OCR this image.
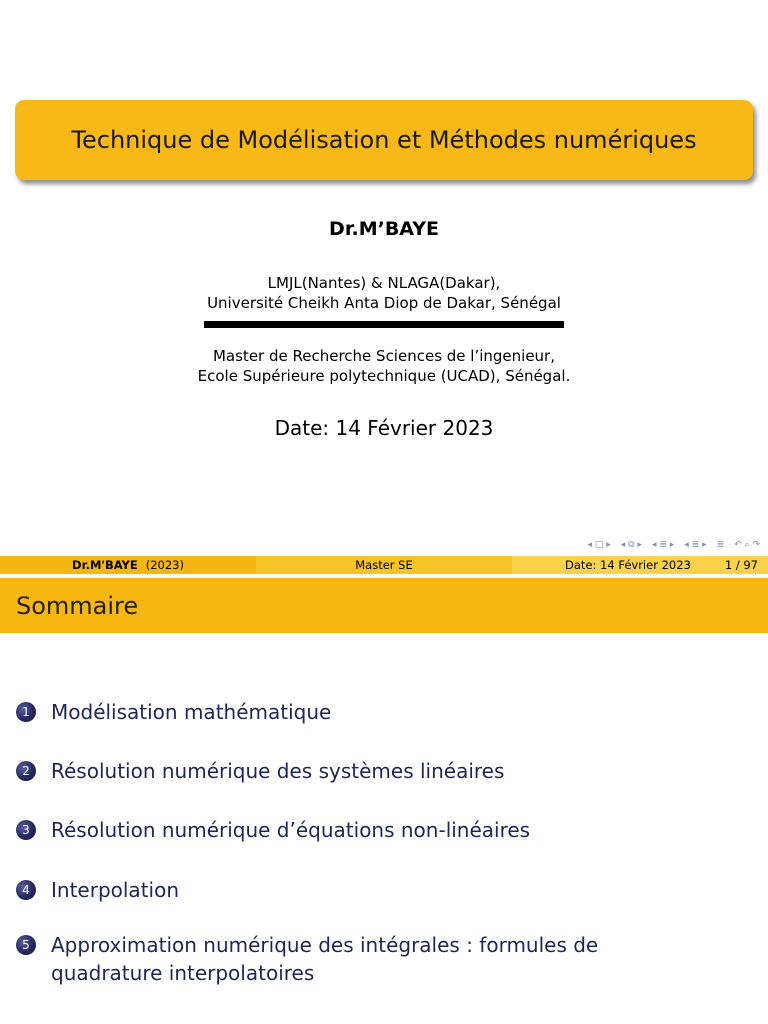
Technique de Modélisation et Méthodes numériques
Dr.M’BAYE
LMJL(Nantes) & NLAGA(Dakar),
Université Cheikh Anta Diop de Dakar, Sénégal
Master de Recherche Sciences de l’ingenieur,
Ecole Supérieure polytechnique (UCAD), Sénégal.
Date: 14 Février 2023
◂ □ ▸ ◂ ⧉ ▸ ◂ ≣ ▸ ◂ ≣ ▸ ≣ ↶ ⌕ ↷
Dr.M'BAYE (2023)	Master SE	Date: 14 Février 2023	1 / 97
Sommaire
1	Modélisation mathématique
2	Résolution numérique des systèmes linéaires
3	Résolution numérique d’équations non-linéaires
4	Interpolation
5	Approximation numérique des intégrales : formules de quadrature interpolatoires
